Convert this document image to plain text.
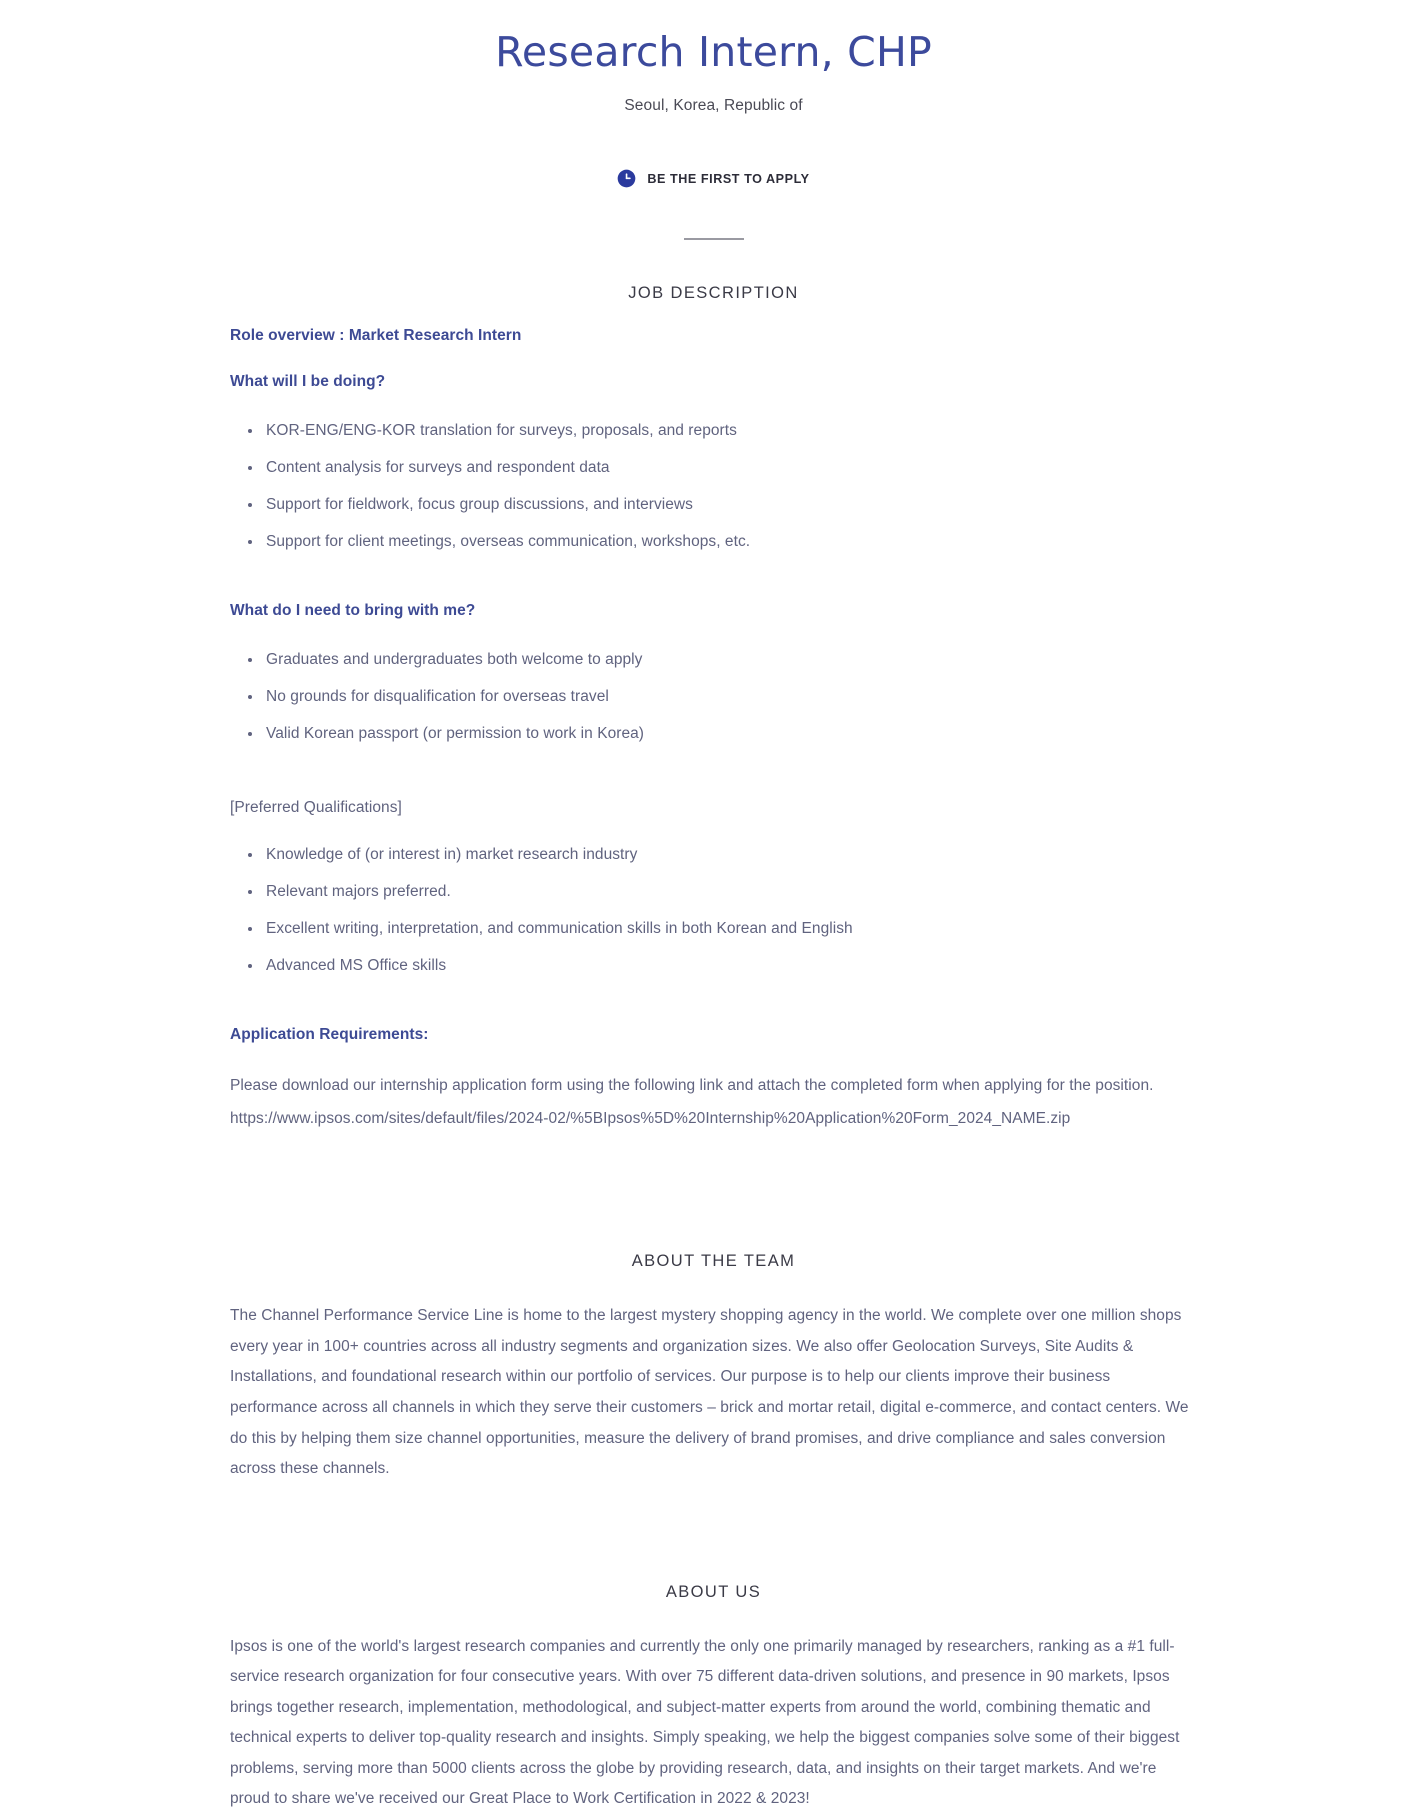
Research Intern, CHP
Seoul, Korea, Republic of
BE THE FIRST TO APPLY
JOB DESCRIPTION

Role overview : Market Research Intern

What will I be doing?

KOR-ENG/ENG-KOR translation for surveys, proposals, and reports
Content analysis for surveys and respondent data
Support for fieldwork, focus group discussions, and interviews
Support for client meetings, overseas communication, workshops, etc.

What do I need to bring with me?

Graduates and undergraduates both welcome to apply
No grounds for disqualification for overseas travel
Valid Korean passport (or permission to work in Korea)

[Preferred Qualifications]

Knowledge of (or interest in) market research industry
Relevant majors preferred.
Excellent writing, interpretation, and communication skills in both Korean and English
Advanced MS Office skills

Application Requirements:

Please download our internship application form using the following link and attach the completed form when applying for the position.

https://www.ipsos.com/sites/default/files/2024-02/%5BIpsos%5D%20Internship%20Application%20Form_2024_NAME.zip

ABOUT THE TEAM

The Channel Performance Service Line is home to the largest mystery shopping agency in the world. We complete over one million shops every year in 100+ countries across all industry segments and organization sizes. We also offer Geolocation Surveys, Site Audits & Installations, and foundational research within our portfolio of services. Our purpose is to help our clients improve their business performance across all channels in which they serve their customers – brick and mortar retail, digital e-commerce, and contact centers. We do this by helping them size channel opportunities, measure the delivery of brand promises, and drive compliance and sales conversion across these channels.

ABOUT US

Ipsos is one of the world's largest research companies and currently the only one primarily managed by researchers, ranking as a #1 full-service research organization for four consecutive years. With over 75 different data-driven solutions, and presence in 90 markets, Ipsos brings together research, implementation, methodological, and subject-matter experts from around the world, combining thematic and technical experts to deliver top-quality research and insights. Simply speaking, we help the biggest companies solve some of their biggest problems, serving more than 5000 clients across the globe by providing research, data, and insights on their target markets. And we're proud to share we've received our Great Place to Work Certification in 2022 & 2023!
